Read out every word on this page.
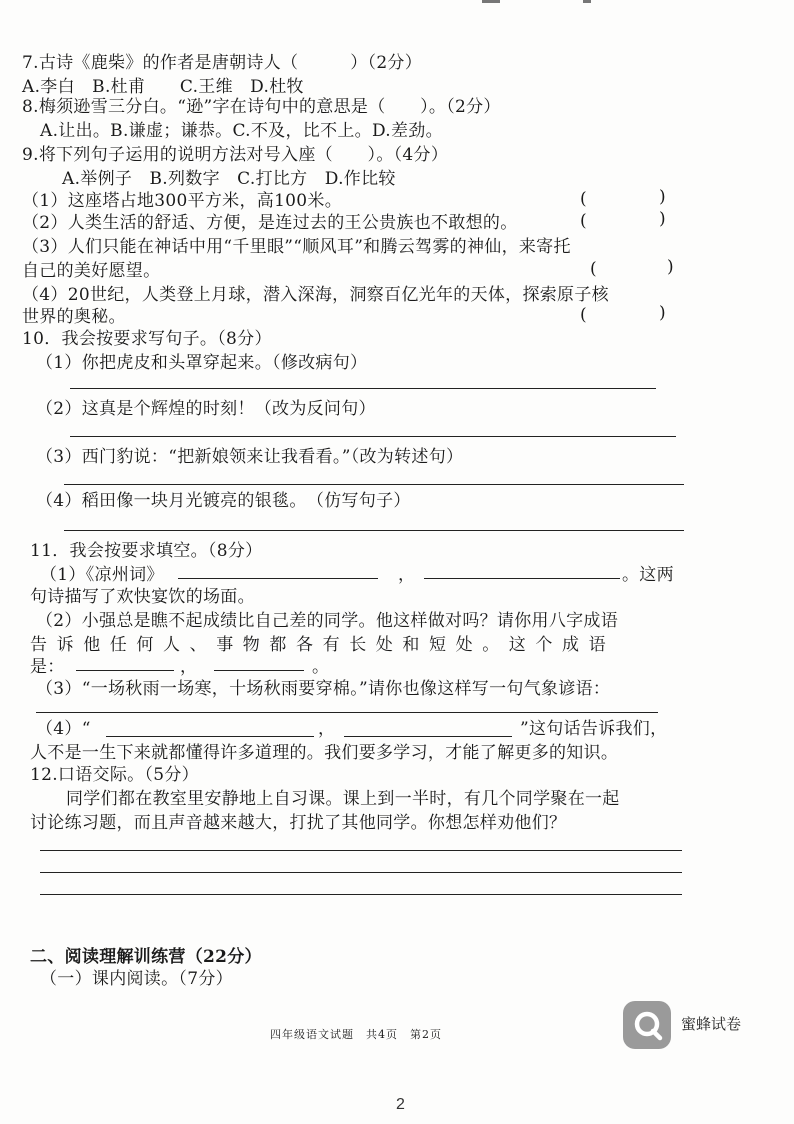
7.古诗《鹿柴》的作者是唐朝诗人（　　　）（2分）
A.李白　B.杜甫　　C.王维　D.杜牧
8.梅须逊雪三分白。“逊”字在诗句中的意思是（　　）。（2分）
A.让出。B.谦虚；谦恭。C.不及，比不上。D.差劲。
9.将下列句子运用的说明方法对号入座（　　）。（4分）
A.举例子　B.列数字　C.打比方　D.作比较
（1）这座塔占地300平方米，高100米。	(	)
（2）人类生活的舒适、方便，是连过去的王公贵族也不敢想的。	(	)
（3）人们只能在神话中用“千里眼”“顺风耳”和腾云驾雾的神仙，来寄托
自己的美好愿望。	(	)
（4）20世纪，人类登上月球，潜入深海，洞察百亿光年的天体，探索原子核
世界的奥秘。	(	)
10．我会按要求写句子。（8分）
（1）你把虎皮和头罩穿起来。（修改病句）
（2）这真是个辉煌的时刻！（改为反问句）
（3）西门豹说：“把新娘领来让我看看。”（改为转述句）
（4）稻田像一块月光镀亮的银毯。　（仿写句子）
11．我会按要求填空。（8分）
（1）《凉州词》	，	。这两
句诗描写了欢快宴饮的场面。
（2）小强总是瞧不起成绩比自己差的同学。他这样做对吗？请你用八字成语
告诉他任何人、事物都各有长处和短处。这个成语
是：	，	。
（3）“一场秋雨一场寒，十场秋雨要穿棉。”请你也像这样写一句气象谚语：
（4）“	，	”这句话告诉我们，
人不是一生下来就都懂得许多道理的。我们要多学习，才能了解更多的知识。
12.口语交际。（5分）
同学们都在教室里安静地上自习课。课上到一半时，有几个同学聚在一起
讨论练习题，而且声音越来越大，打扰了其他同学。你想怎样劝他们？
二、阅读理解训练营（22分）
（一）课内阅读。（7分）
四年级语文试题　共4页　第2页
蜜蜂试卷
2
